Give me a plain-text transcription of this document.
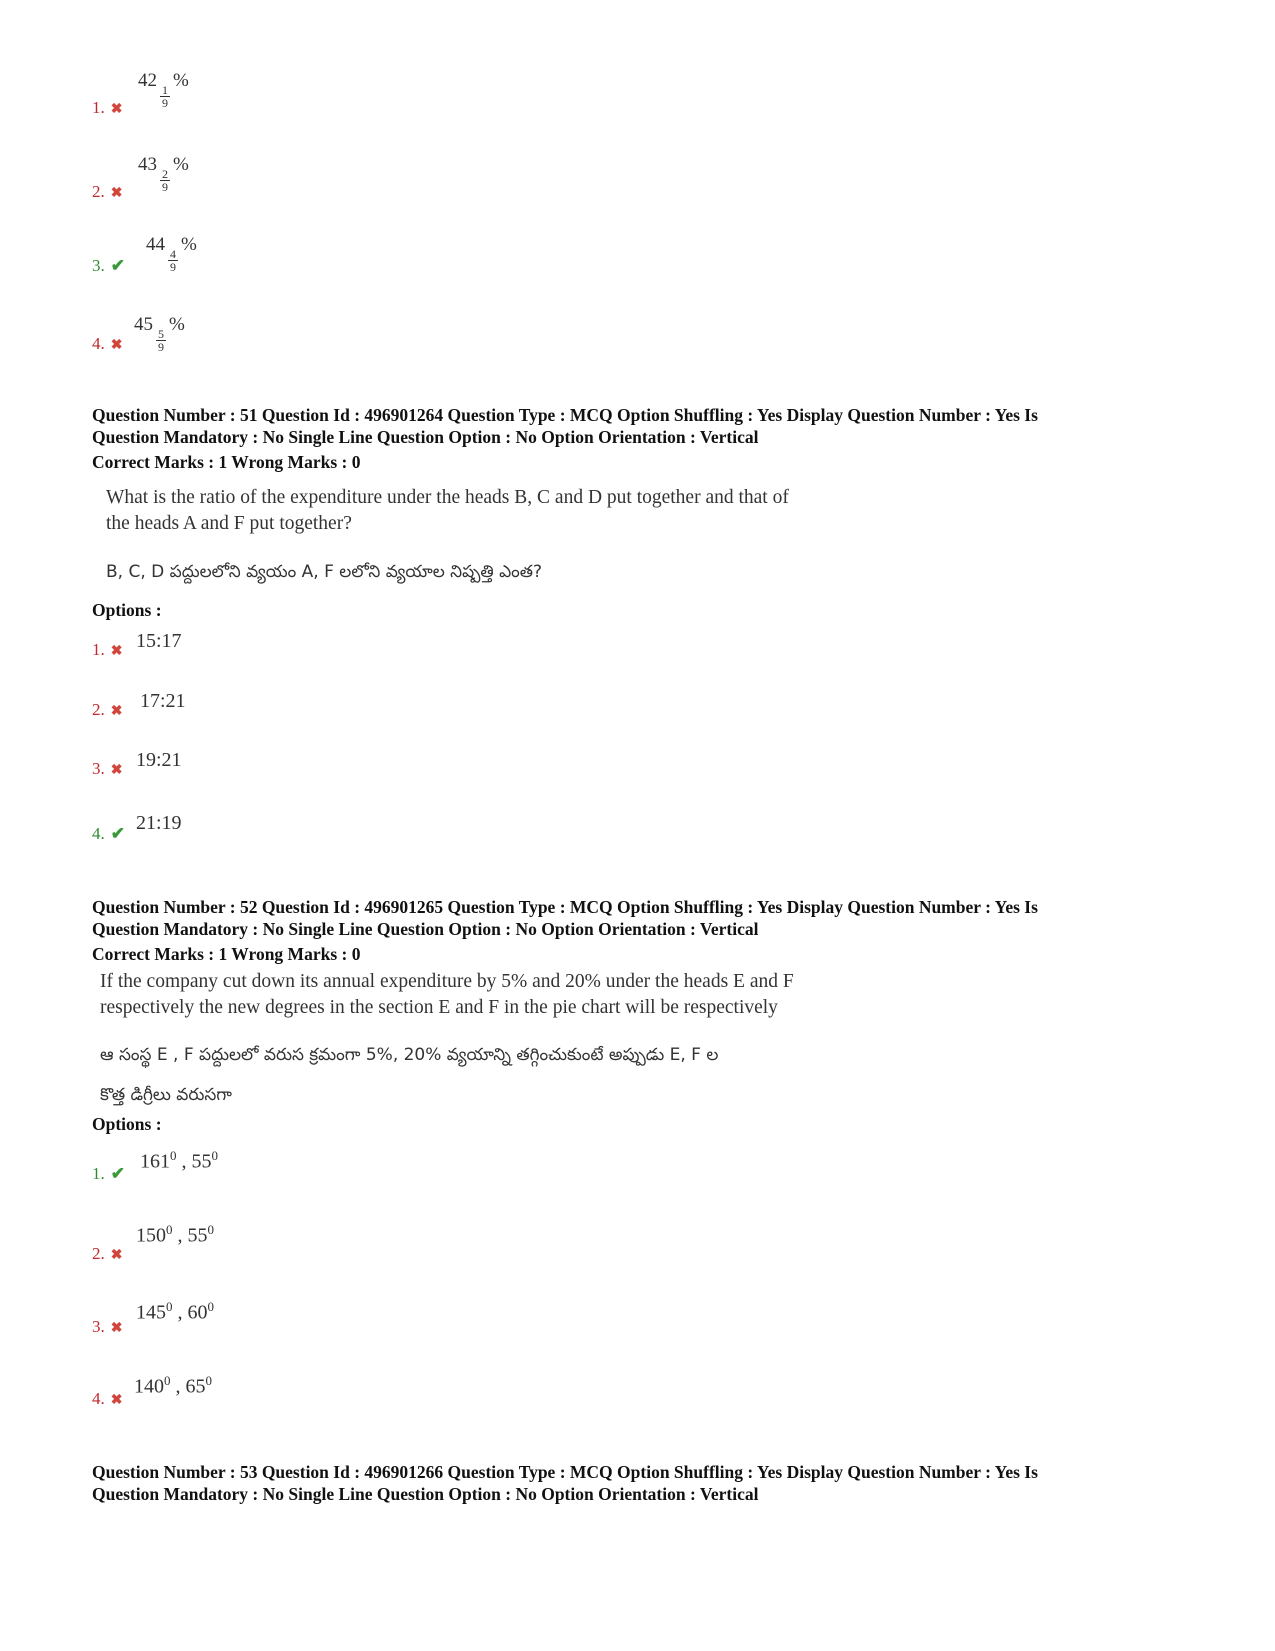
1. ✖
42 1
9
%
2. ✖
43 2
9
%
3. ✔
44 4
9
%
4. ✖
45 5
9
%
Question Number : 51 Question Id : 496901264 Question Type : MCQ Option Shuffling : Yes Display Question Number : Yes Is
Question Mandatory : No Single Line Question Option : No Option Orientation : Vertical
Correct Marks : 1 Wrong Marks : 0
What is the ratio of the expenditure under the heads B, C and D put together and that of
the heads A and F put together?
B, C, D పద్దులలోని వ్యయం A, F లలోని వ్యయాల నిష్పత్తి ఎంత?
Options :
1. ✖ 15:17
2. ✖ 17:21
3. ✖ 19:21
4. ✔ 21:19
Question Number : 52 Question Id : 496901265 Question Type : MCQ Option Shuffling : Yes Display Question Number : Yes Is
Question Mandatory : No Single Line Question Option : No Option Orientation : Vertical
Correct Marks : 1 Wrong Marks : 0
If the company cut down its annual expenditure by 5% and 20% under the heads E and F
respectively the new degrees in the section E and F in the pie chart will be respectively
ఆ సంస్థ E , F పద్దులలో వరుస క్రమంగా 5%, 20% వ్యయాన్ని తగ్గించుకుంటే అప్పుడు E, F ల
కొత్త డిగ్రీలు వరుసగా
Options :
1. ✔
$161^0$ , $55^0$
2. ✖
$150^0$ , $55^0$
3. ✖
$145^0$ , $60^0$
4. ✖
$140^0$ , $65^0$
Question Number : 53 Question Id : 496901266 Question Type : MCQ Option Shuffling : Yes Display Question Number : Yes Is
Question Mandatory : No Single Line Question Option : No Option Orientation : Vertical
